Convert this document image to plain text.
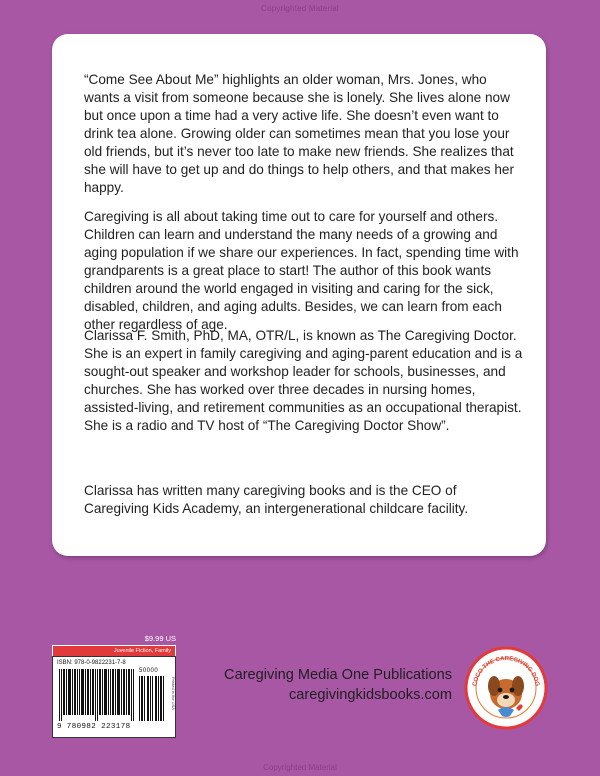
Copyrighted Material

“Come See About Me” highlights an older woman, Mrs. Jones, who wants a visit from someone because she is lonely. She lives alone now but once upon a time had a very active life. She doesn’t even want to drink tea alone. Growing older can sometimes mean that you lose your old friends, but it’s never too late to make new friends. She realizes that she will have to get up and do things to help others, and that makes her happy.

Caregiving is all about taking time out to care for yourself and others. Children can learn and understand the many needs of a growing and aging population if we share our experiences. In fact, spending time with grandparents is a great place to start! The author of this book wants children around the world engaged in visiting and caring for the sick, disabled, children, and aging adults. Besides, we can learn from each other regardless of age.

Clarissa F. Smith, PhD, MA, OTR/L, is known as The Caregiving Doctor. She is an expert in family caregiving and aging-parent education and is a sought-out speaker and workshop leader for schools, businesses, and churches. She has worked over three decades in nursing homes, assisted-living, and retirement communities as an occupational therapist. She is a radio and TV host of “The Caregiving Doctor Show”.

Clarissa has written many caregiving books and is the CEO of Caregiving Kids Academy, an intergenerational childcare facility.

$9.99 US
Juvenile Fiction, Family
ISBN: 978-0-9822231-7-8
50000
9 780982 223178
Printed in the USA
Caregiving Media One Publications
caregivingkidsbooks.com
COCO THE CAREGIVING DOG
Copyrighted Material
